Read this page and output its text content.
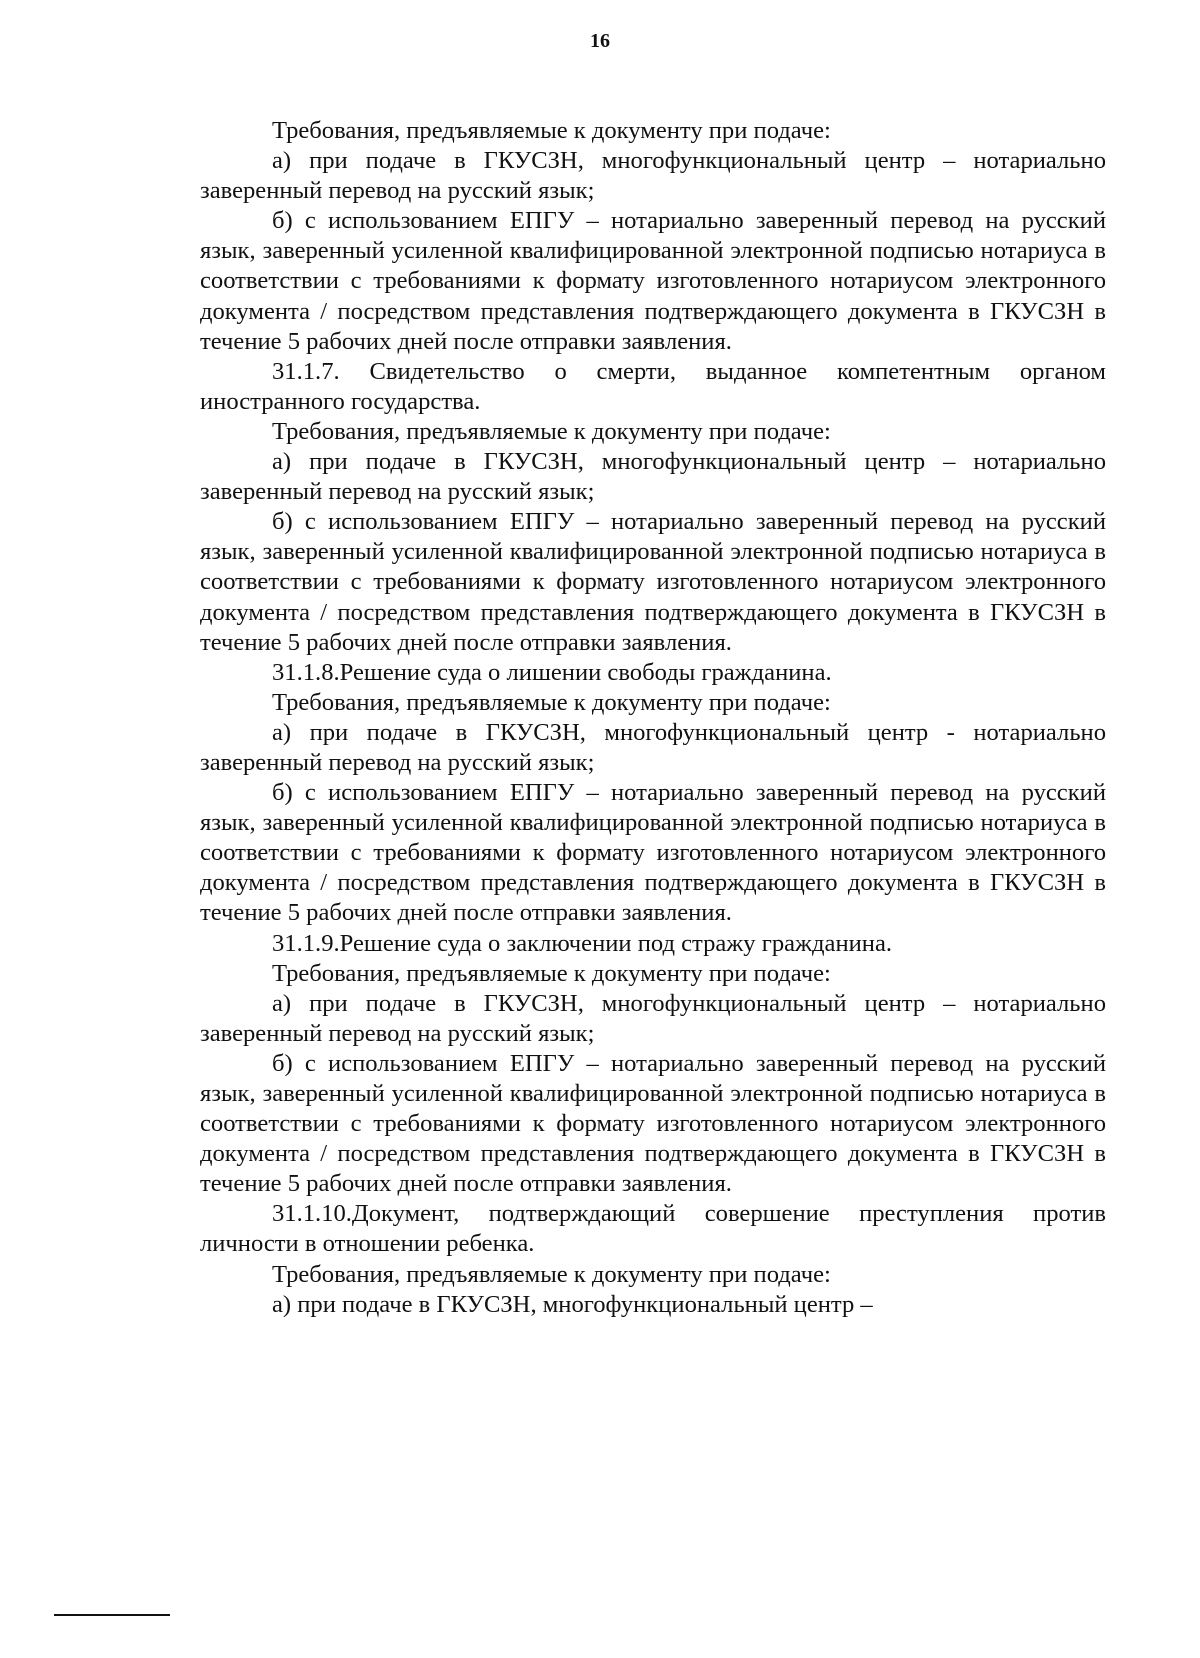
16

Требования, предъявляемые к документу при подаче:

а) при подаче в ГКУСЗН, многофункциональный центр – нотариально заверенный перевод на русский язык;

б) с использованием ЕПГУ – нотариально заверенный перевод на русский язык, заверенный усиленной квалифицированной электронной подписью нотариуса в соответствии с требованиями к формату изготовленного нотариусом электронного документа / посредством представления подтверждающего документа в ГКУСЗН в течение 5 рабочих дней после отправки заявления.

31.1.7. Свидетельство о смерти, выданное компетентным органом иностранного государства.

Требования, предъявляемые к документу при подаче:

а) при подаче в ГКУСЗН, многофункциональный центр – нотариально заверенный перевод на русский язык;

б) с использованием ЕПГУ – нотариально заверенный перевод на русский язык, заверенный усиленной квалифицированной электронной подписью нотариуса в соответствии с требованиями к формату изготовленного нотариусом электронного документа / посредством представления подтверждающего документа в ГКУСЗН в течение 5 рабочих дней после отправки заявления.

31.1.8.Решение суда о лишении свободы гражданина.

Требования, предъявляемые к документу при подаче:

а) при подаче в ГКУСЗН, многофункциональный центр - нотариально заверенный перевод на русский язык;

б) с использованием ЕПГУ – нотариально заверенный перевод на русский язык, заверенный усиленной квалифицированной электронной подписью нотариуса в соответствии с требованиями к формату изготовленного нотариусом электронного документа / посредством представления подтверждающего документа в ГКУСЗН в течение 5 рабочих дней после отправки заявления.

31.1.9.Решение суда о заключении под стражу гражданина.

Требования, предъявляемые к документу при подаче:

а) при подаче в ГКУСЗН, многофункциональный центр – нотариально заверенный перевод на русский язык;

б) с использованием ЕПГУ – нотариально заверенный перевод на русский язык, заверенный усиленной квалифицированной электронной подписью нотариуса в соответствии с требованиями к формату изготовленного нотариусом электронного документа / посредством представления подтверждающего документа в ГКУСЗН в течение 5 рабочих дней после отправки заявления.

31.1.10.Документ, подтверждающий совершение преступления против личности в отношении ребенка.

Требования, предъявляемые к документу при подаче:

а) при подаче в ГКУСЗН, многофункциональный центр –
